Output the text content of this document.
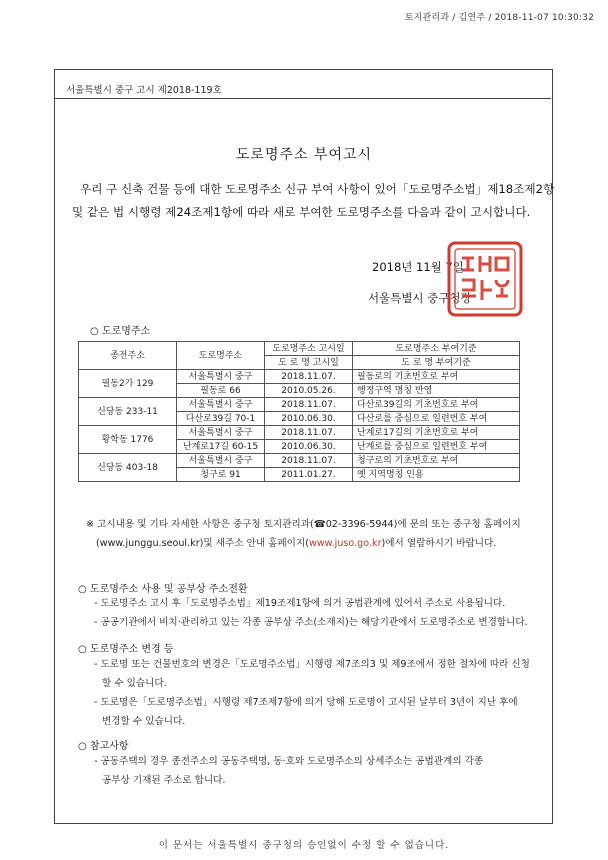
토지관리과 / 김연주 / 2018-11-07 10:30:32
서울특별시 중구 고시 제2018-119호
도로명주소 부여고시
우리 구 신축 건물 등에 대한 도로명주소 신규 부여 사항이 있어「도로명주소법」제18조제2항
및 같은 법 시행령 제24조제1항에 따라 새로 부여한 도로명주소를 다음과 같이 고시합니다.
2018년 11월 7일
서울특별시 중구청장
○ 도로명주소
종전주소	도로명주소	도로명주소 고시일	도로명주소 부여기준
		도 로 명 고시일	도 로 명 부여기준
필동2가 129	서울특별시 중구	2018.11.07.	필동로의 기초번호로 부여
	필동로 66	2010.05.26.	행정구역 명칭 반영
신당동 233-11	서울특별시 중구	2018.11.07.	다산로39길의 기초번호로 부여
	다산로39길 70-1	2010.06.30.	다산로를 중심으로 일련번호 부여
황학동 1776	서울특별시 중구	2018.11.07.	난계로17길의 기초번호로 부여
	난계로17길 60-15	2010.06.30.	난계로를 중심으로 일련번호 부여
신당동 403-18	서울특별시 중구	2018.11.07.	청구로의 기초번호로 부여
	청구로 91	2011.01.27.	옛 지역명칭 인용
※ 고시내용 및 기타 자세한 사항은 중구청 토지관리과(☎02-3396-5944)에 문의 또는 중구청 홈페이지
(www.junggu.seoul.kr)및 새주소 안내 홈페이지(www.juso.go.kr)에서 열람하시기 바랍니다.
○ 도로명주소 사용 및 공부상 주소전환
- 도로명주소 고시 후「도로명주소법」제19조제1항에 의거 공법관계에 있어서 주소로 사용됩니다.
- 공공기관에서 비치·관리하고 있는 각종 공부상 주소(소재지)는 해당기관에서 도로명주소로 변경합니다.
○ 도로명주소 변경 등
- 도로명 또는 건물번호의 변경은「도로명주소법」시행령 제7조의3 및 제9조에서 정한 절차에 따라 신청
할 수 있습니다.
- 도로명은「도로명주소법」시행령 제7조제7항에 의거 당해 도로명이 고시된 날부터 3년이 지난 후에
변경할 수 있습니다.
○ 참고사항
- 공동주택의 경우 종전주소의 공동주택명, 동·호와 도로명주소의 상세주소는 공법관계의 각종
공부상 기재된 주소로 합니다.
이 문서는 서울특별시 중구청의 승인없이 수정 할 수 없습니다.
